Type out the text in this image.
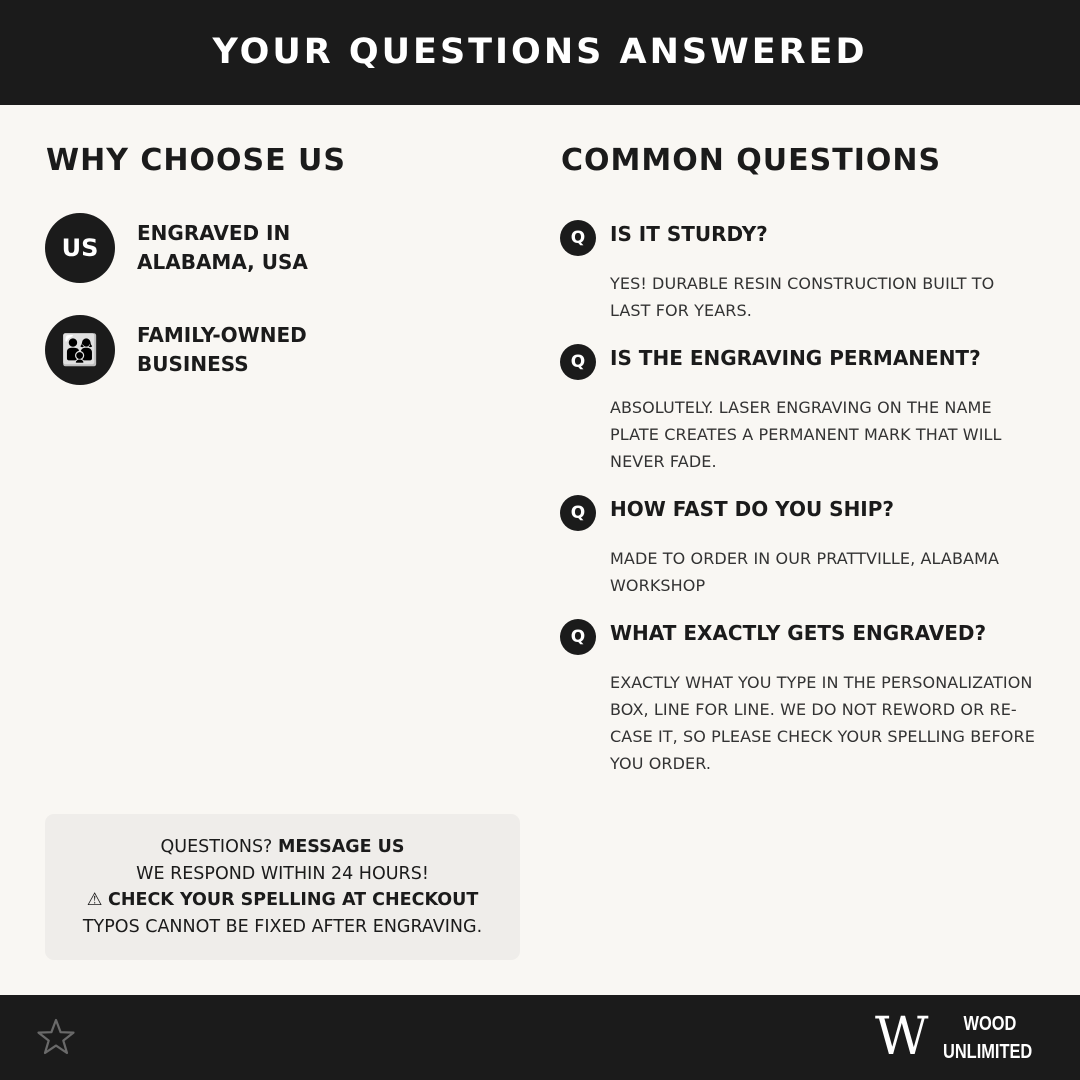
YOUR QUESTIONS ANSWERED
WHY CHOOSE US	COMMON QUESTIONS
US
ENGRAVED IN
ALABAMA, USA
👨‍👩‍👦	FAMILY-OWNED
BUSINESS
Q	IS IT STURDY?
YES! DURABLE RESIN CONSTRUCTION BUILT TO LAST FOR YEARS.
Q	IS THE ENGRAVING PERMANENT?
ABSOLUTELY. LASER ENGRAVING ON THE NAME PLATE CREATES A PERMANENT MARK THAT WILL NEVER FADE.
Q	HOW FAST DO YOU SHIP?
MADE TO ORDER IN OUR PRATTVILLE, ALABAMA WORKSHOP
Q	WHAT EXACTLY GETS ENGRAVED?
EXACTLY WHAT YOU TYPE IN THE PERSONALIZATION BOX, LINE FOR LINE. WE DO NOT REWORD OR RE-CASE IT, SO PLEASE CHECK YOUR SPELLING BEFORE YOU ORDER.
QUESTIONS? MESSAGE US
WE RESPOND WITHIN 24 HOURS!
⚠ CHECK YOUR SPELLING AT CHECKOUT
TYPOS CANNOT BE FIXED AFTER ENGRAVING.
W	WOOD
UNLIMITED
